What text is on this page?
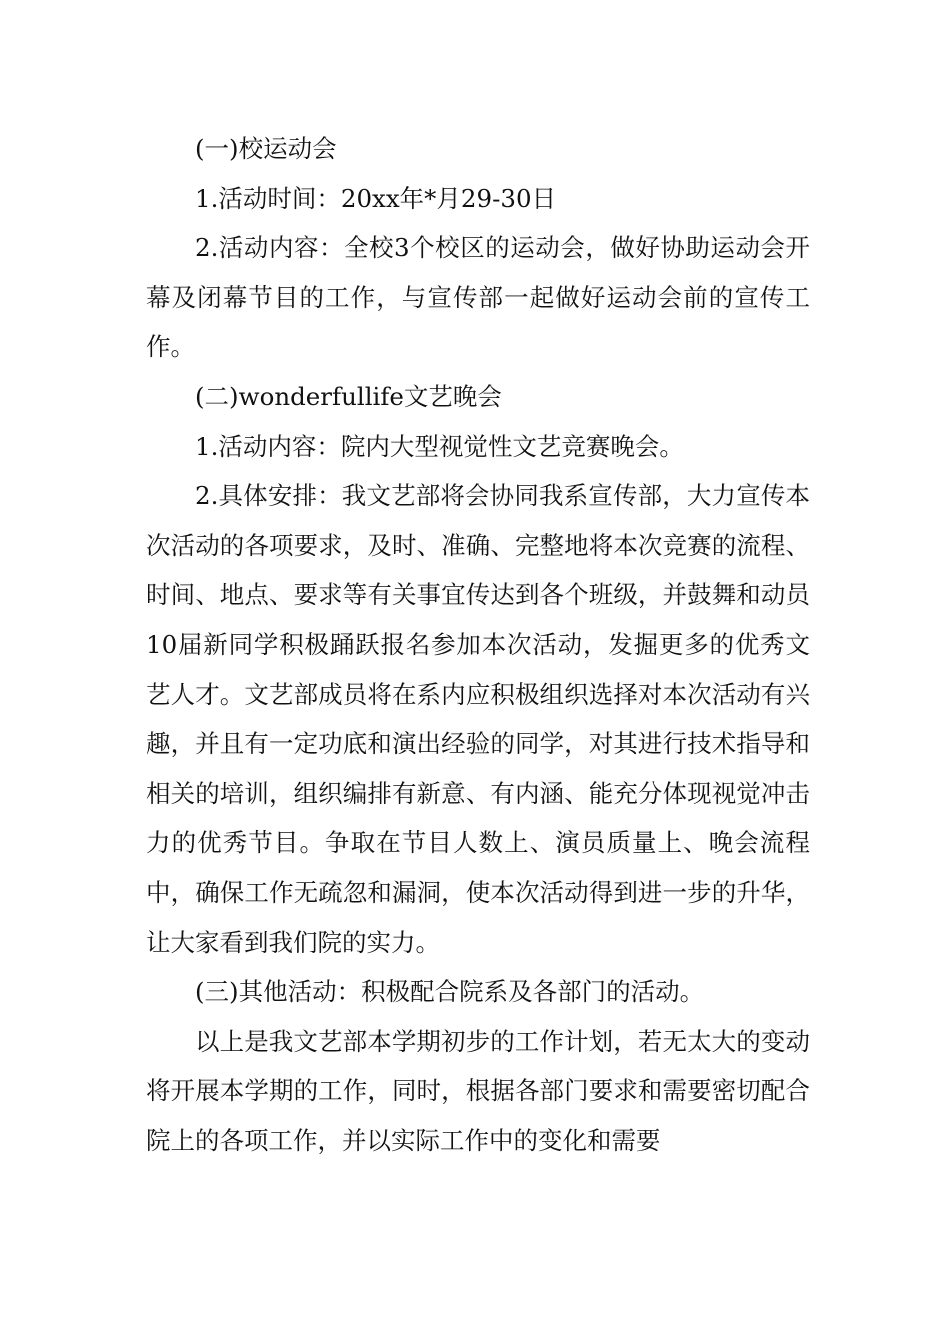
(一)校运动会

1.活动时间：20xx年*月29-30日

2.活动内容：全校3个校区的运动会，做好协助运动会开幕及闭幕节目的工作，与宣传部一起做好运动会前的宣传工作。

(二)wonderfullife文艺晚会

1.活动内容：院内大型视觉性文艺竞赛晚会。

2.具体安排：我文艺部将会协同我系宣传部，大力宣传本次活动的各项要求，及时、准确、完整地将本次竞赛的流程、时间、地点、要求等有关事宜传达到各个班级，并鼓舞和动员10届新同学积极踊跃报名参加本次活动，发掘更多的优秀文艺人才。文艺部成员将在系内应积极组织选择对本次活动有兴趣，并且有一定功底和演出经验的同学，对其进行技术指导和相关的培训，组织编排有新意、有内涵、能充分体现视觉冲击力的优秀节目。争取在节目人数上、演员质量上、晚会流程中，确保工作无疏忽和漏洞，使本次活动得到进一步的升华，让大家看到我们院的实力。

(三)其他活动：积极配合院系及各部门的活动。

以上是我文艺部本学期初步的工作计划，若无太大的变动将开展本学期的工作，同时，根据各部门要求和需要密切配合院上的各项工作，并以实际工作中的变化和需要
